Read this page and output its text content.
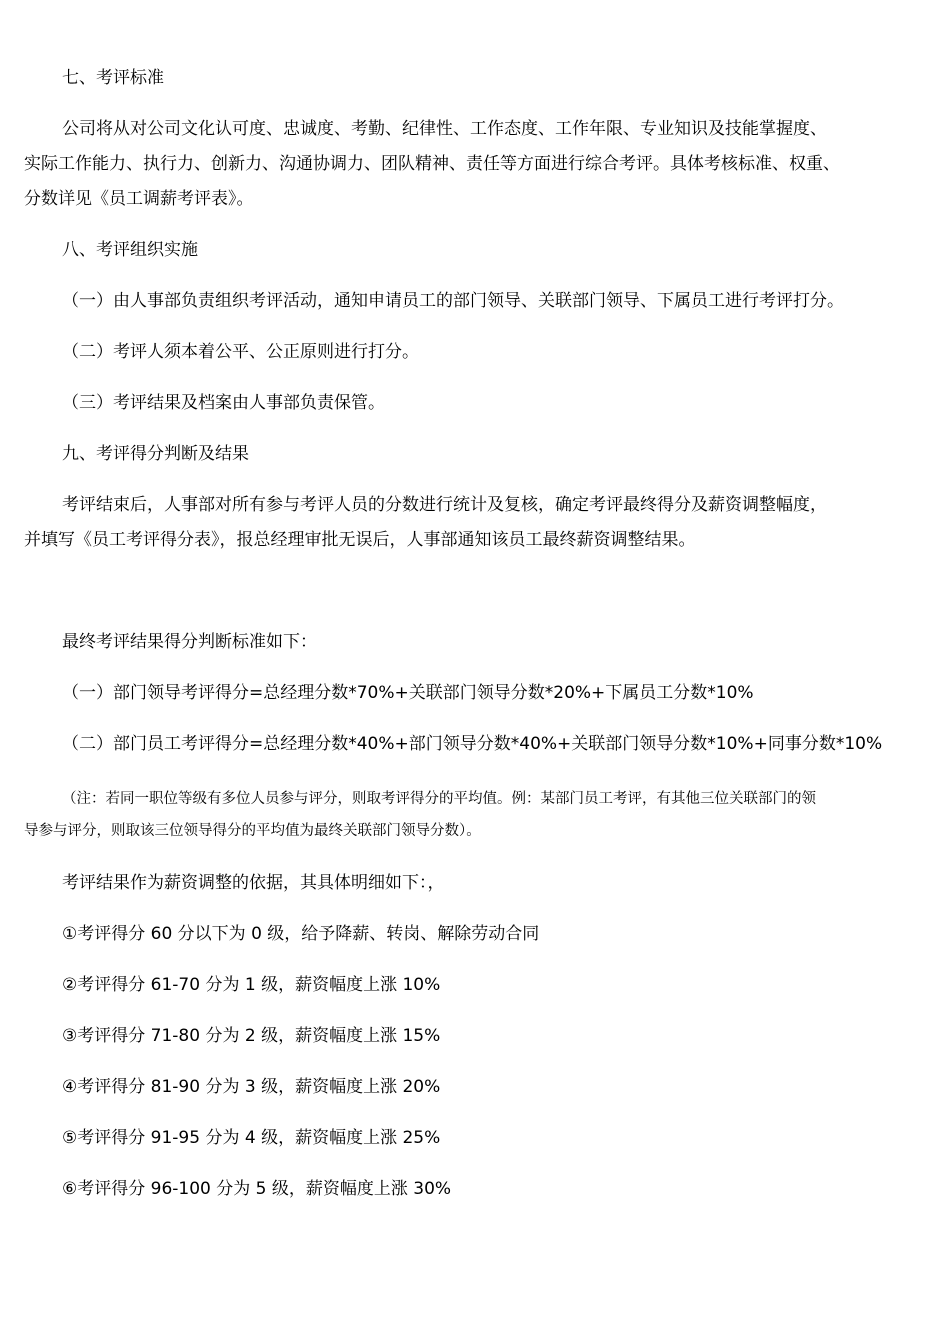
七、考评标准
公司将从对公司文化认可度、忠诚度、考勤、纪律性、工作态度、工作年限、专业知识及技能掌握度、
实际工作能力、执行力、创新力、沟通协调力、团队精神、责任等方面进行综合考评。具体考核标准、权重、
分数详见《员工调薪考评表》。
八、考评组织实施
（一）由人事部负责组织考评活动，通知申请员工的部门领导、关联部门领导、下属员工进行考评打分。
（二）考评人须本着公平、公正原则进行打分。
（三）考评结果及档案由人事部负责保管。
九、考评得分判断及结果
考评结束后，人事部对所有参与考评人员的分数进行统计及复核，确定考评最终得分及薪资调整幅度，
并填写《员工考评得分表》，报总经理审批无误后，人事部通知该员工最终薪资调整结果。
最终考评结果得分判断标准如下：
（一）部门领导考评得分=总经理分数*70%+关联部门领导分数*20%+下属员工分数*10%
（二）部门员工考评得分=总经理分数*40%+部门领导分数*40%+关联部门领导分数*10%+同事分数*10%
（注：若同一职位等级有多位人员参与评分，则取考评得分的平均值。例：某部门员工考评，有其他三位关联部门的领
导参与评分，则取该三位领导得分的平均值为最终关联部门领导分数）。
考评结果作为薪资调整的依据，其具体明细如下：，
①考评得分 60 分以下为 0 级，给予降薪、转岗、解除劳动合同
②考评得分 61-70 分为 1 级，薪资幅度上涨 10%
③考评得分 71-80 分为 2 级，薪资幅度上涨 15%
④考评得分 81-90 分为 3 级，薪资幅度上涨 20%
⑤考评得分 91-95 分为 4 级，薪资幅度上涨 25%
⑥考评得分 96-100 分为 5 级，薪资幅度上涨 30%
